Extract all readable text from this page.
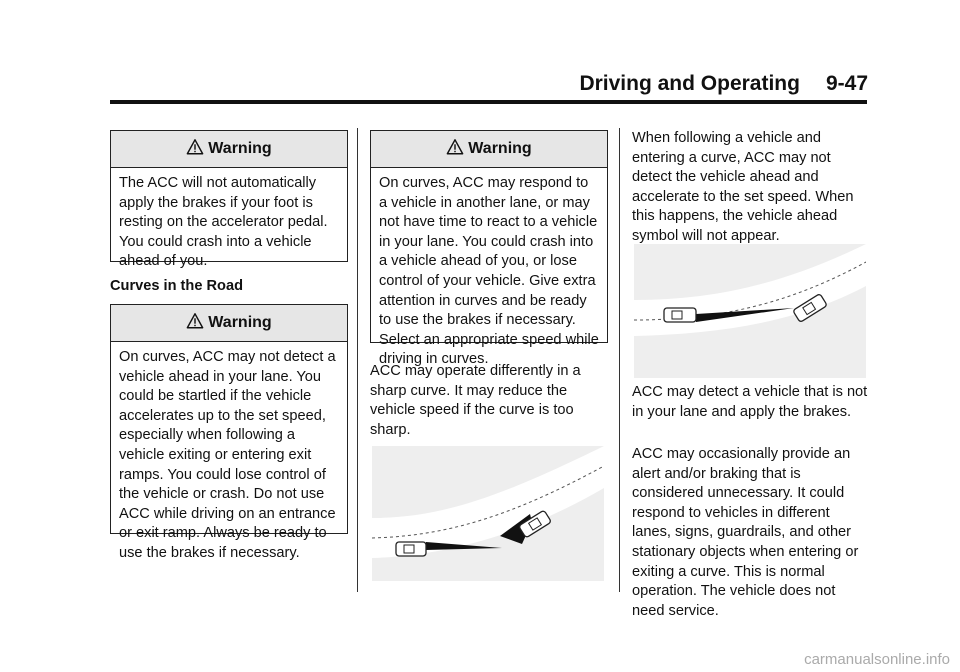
Driving and Operating 9-47
Warning
The ACC will not automatically apply the brakes if your foot is resting on the accelerator pedal. You could crash into a vehicle ahead of you.
Curves in the Road
Warning
On curves, ACC may not detect a vehicle ahead in your lane. You could be startled if the vehicle accelerates up to the set speed, especially when following a vehicle exiting or entering exit ramps. You could lose control of the vehicle or crash. Do not use ACC while driving on an entrance or exit ramp. Always be ready to use the brakes if necessary.
Warning
On curves, ACC may respond to a vehicle in another lane, or may not have time to react to a vehicle in your lane. You could crash into a vehicle ahead of you, or lose control of your vehicle. Give extra attention in curves and be ready to use the brakes if necessary. Select an appropriate speed while driving in curves.
ACC may operate differently in a sharp curve. It may reduce the vehicle speed if the curve is too sharp.
When following a vehicle and entering a curve, ACC may not detect the vehicle ahead and accelerate to the set speed. When this happens, the vehicle ahead symbol will not appear.
ACC may detect a vehicle that is not in your lane and apply the brakes.
ACC may occasionally provide an alert and/or braking that is considered unnecessary. It could respond to vehicles in different lanes, signs, guardrails, and other stationary objects when entering or exiting a curve. This is normal operation. The vehicle does not need service.
carmanualsonline.info
